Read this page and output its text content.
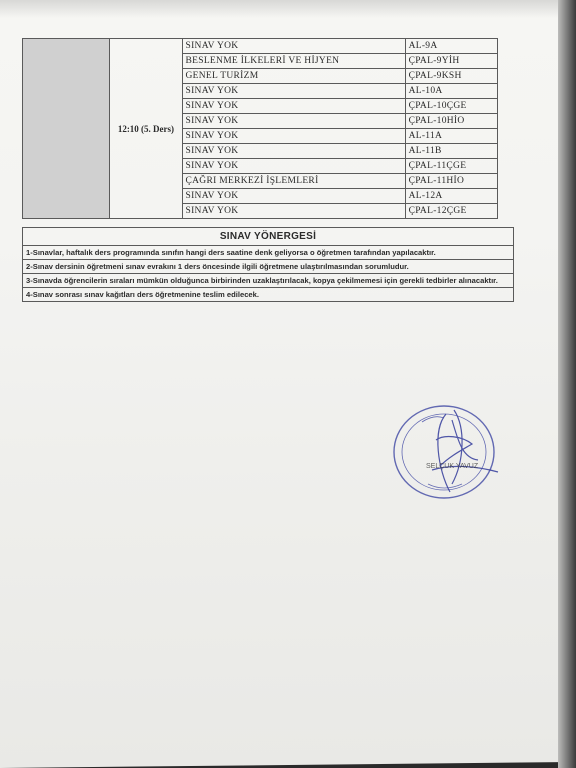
	12:10 (5. Ders)	SINAV YOK	AL-9A
		BESLENME İLKELERİ VE HİJYEN	ÇPAL-9YİH
		GENEL TURİZM	ÇPAL-9KSH
		SINAV YOK	AL-10A
		SINAV YOK	ÇPAL-10ÇGE
		SINAV YOK	ÇPAL-10HİO
		SINAV YOK	AL-11A
		SINAV YOK	AL-11B
		SINAV YOK	ÇPAL-11ÇGE
		ÇAĞRI MERKEZİ İŞLEMLERİ	ÇPAL-11HİO
		SINAV YOK	AL-12A
		SINAV YOK	ÇPAL-12ÇGE
SINAV YÖNERGESİ
1-Sınavlar, haftalık ders programında sınıfın hangi ders saatine denk geliyorsa o öğretmen tarafından yapılacaktır.
2-Sınav dersinin öğretmeni sınav evrakını 1 ders öncesinde ilgili öğretmene ulaştırılmasından sorumludur.
3-Sınavda öğrencilerin sıraları mümkün olduğunca birbirinden uzaklaştırılacak, kopya çekilmemesi için gerekli tedbirler alınacaktır.
4-Sınav sonrası sınav kağıtları ders öğretmenine teslim edilecek.
SELÇUK YAVUZ
